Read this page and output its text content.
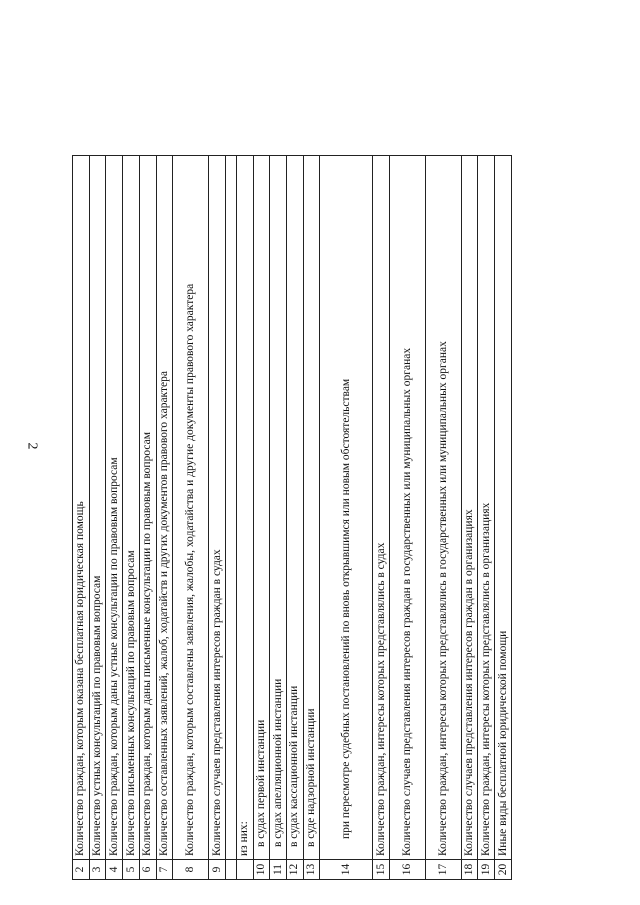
2
2	Количество граждан, которым оказана бесплатная юридическая помощь
3	Количество устных консультаций по правовым вопросам
4	Количество граждан, которым даны устные консультации по правовым вопросам
5	Количество письменных консультаций по правовым вопросам
6	Количество граждан, которым даны письменные консультации по правовым вопросам
7	Количество составленных заявлений, жалоб, ходатайств и других документов правового характера
8	Количество граждан, которым составлены заявления, жалобы, ходатайства и другие документы правового характера
9	Количество случаев представления интересов граждан в судах

	из них:
10	в судах первой инстанции
11	в судах апелляционной инстанции
12	в судах кассационной инстанции
13	в суде надзорной инстанции
14	при пересмотре судебных постановлений по вновь открывшимся или новым обстоятельствам
15	Количество граждан, интересы которых представлялись в судах
16	Количество случаев представления интересов граждан в государственных или муниципальных органах
17	Количество граждан, интересы которых представлялись в государственных или муниципальных органах
18	Количество случаев представления интересов граждан в организациях
19	Количество граждан, интересы которых представлялись в организациях
20	Иные виды бесплатной юридической помощи
